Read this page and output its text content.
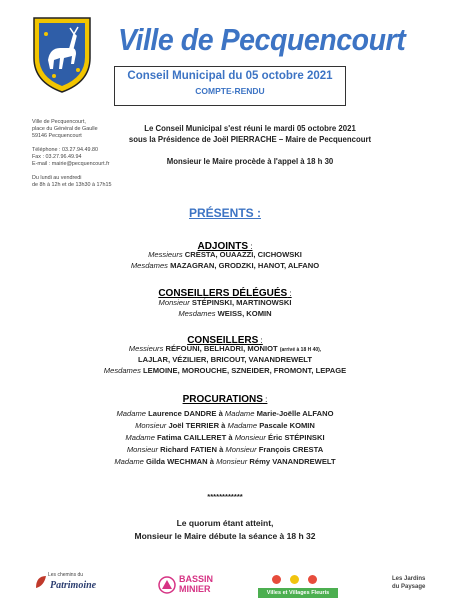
Ville de Pecquencourt
Conseil Municipal du 05 octobre 2021
COMPTE-RENDU
Ville de Pecquencourt,
place du Général de Gaulle
59146 Pecquencourt
Téléphone : 03.27.94.49.80
Fax : 03.27.96.49.94
E-mail : mairie@pecquencourt.fr
Du lundi au vendredi
de 8h à 12h et de 13h30 à 17h15
Le Conseil Municipal s'est réuni le mardi 05 octobre 2021
sous la Présidence de Joël PIERRACHE – Maire de Pecquencourt
Monsieur le Maire procède à l'appel à 18 h 30
PRÉSENTS :
ADJOINTS :
Messieurs CRESTA, OUAAZZI, CICHOWSKI
Mesdames MAZAGRAN, GRODZKI, HANOT, ALFANO
CONSEILLERS DÉLÉGUÉS :
Monsieur STÉPINSKI, MARTINOWSKI
Mesdames WEISS, KOMIN
CONSEILLERS :
Messieurs RÉFOUNI, BELHADRI, MONIOT (arrivé à 18 H 40),
LAJLAR, VÉZILIER, BRICOUT, VANANDREWELT
Mesdames LEMOINE, MOROUCHE, SZNEIDER, FROMONT, LEPAGE
PROCURATIONS :
Madame Laurence DANDRE à Madame Marie-Joëlle ALFANO
Monsieur Joël TERRIER à Madame Pascale KOMIN
Madame Fatima CAILLERET à Monsieur Éric STÉPINSKI
Monsieur Richard FATIEN à Monsieur François CRESTA
Madame Gilda WECHMAN à Monsieur Rémy VANANDREWELT
************
Le quorum étant atteint,
Monsieur le Maire débute la séance à 18 h 32
Les chemins du
Patrimoine
BASSIN
MINIER	Villes et Villages Fleuris
Les Jardins
du Paysage
